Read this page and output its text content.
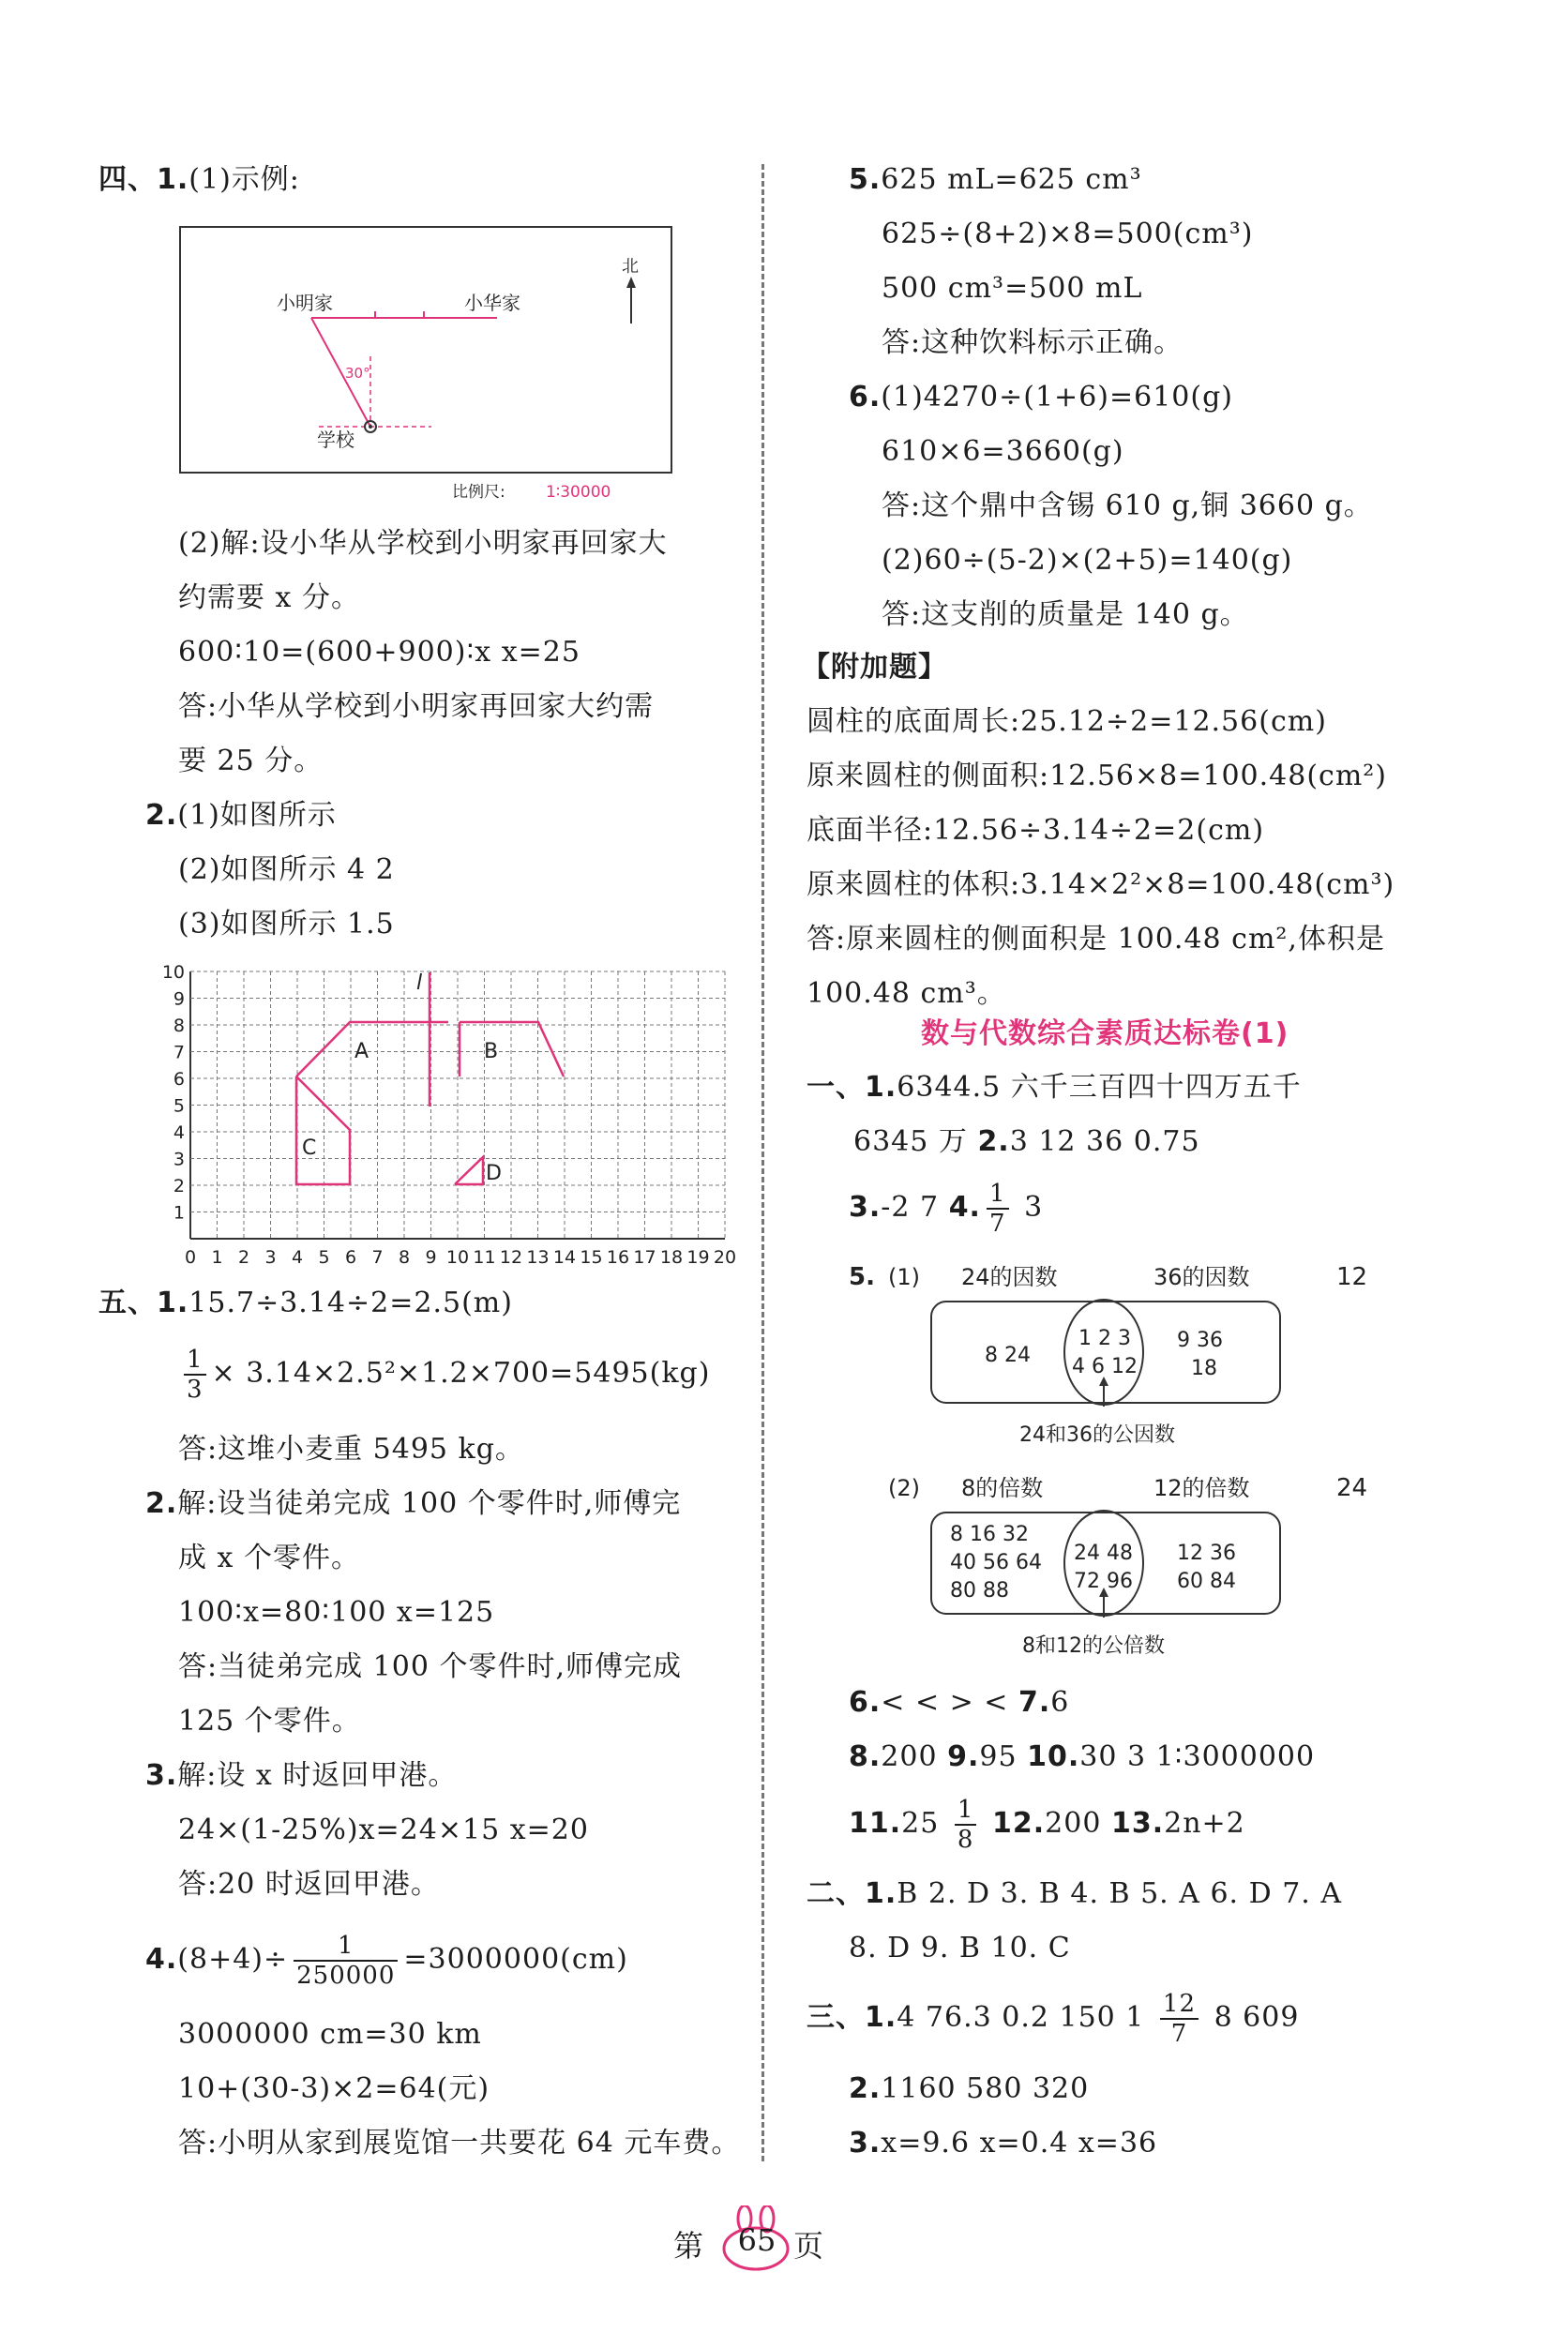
四、1.(1)示例:
小明家	小华家
学校
北
30°
比例尺:	1∶30000
(2)解:设小华从学校到小明家再回家大
约需要 x 分。
600∶10=(600+900)∶x x=25
答:小华从学校到小明家再回家大约需
要 25 分。
2.(1)如图所示
(2)如图所示 4 2
(3)如图所示 1.5
0 1 2 3 4 5 6 7 8 9 10 11 12 13 14 15 16 17 18 19 20
1
2
3
4
5
6
7
8
9
10
A	B
C
D
l
五、1.15.7÷3.14÷2=2.5(m)
$\frac{1}{3} \times 3.14\times 2.5^2\times 1.2\times 700=5495(kg)$
答:这堆小麦重 5495 kg。
2.解:设当徒弟完成 100 个零件时,师傅完
成 x 个零件。
100∶x=80∶100 x=125
答:当徒弟完成 100 个零件时,师傅完成
125 个零件。
3.解:设 x 时返回甲港。
24×(1-25%)x=24×15 x=20
答:20 时返回甲港。
$4.(8+4)\div \frac{1}{250000} =3000000(cm)$
3000000 cm=30 km
10+(30-3)×2=64(元)
答:小明从家到展览馆一共要花 64 元车费。
5.625 mL=625 cm³
625÷(8+2)×8=500(cm³)
500 cm³=500 mL
答:这种饮料标示正确。
6.(1)4270÷(1+6)=610(g)
610×6=3660(g)
答:这个鼎中含锡 610 g,铜 3660 g。
(2)60÷(5-2)×(2+5)=140(g)
答:这支削的质量是 140 g。
【附加题】
圆柱的底面周长:25.12÷2=12.56(cm)
原来圆柱的侧面积:12.56×8=100.48(cm²)
底面半径:12.56÷3.14÷2=2(cm)
原来圆柱的体积:3.14×2²×8=100.48(cm³)
答:原来圆柱的侧面积是 100.48 cm²,体积是
100.48 cm³。
数与代数综合素质达标卷(1)
一、1.6344.5 六千三百四十四万五千
6345 万 2.3 12 36 0.75
3.-2 7 4. $\frac{1}{7} 3$
5. (1) 24的因数	36的因数	12
8 24
1 2 3
4 6 12
9 36
18
24和36的公因数
(2) 8的倍数	12的倍数	24
8 16 32
40 56 64
80 88
24 48
72 96
12 36
60 84
8和12的公倍数
6.< < > < 7.6
8.200 9.95 10.30 3 1∶3000000
$11.25 \frac{1}{8} 12.200$ 13.2n+2
二、1.B 2. D 3. B 4. B 5. A 6. D 7. A
8. D 9. B 10. C
三、1.4 76.3 0.2 150 $1 \frac{12}{7} 8$ 609
2.1160 580 320
3.x=9.6 x=0.4 x=36
第 65 页
